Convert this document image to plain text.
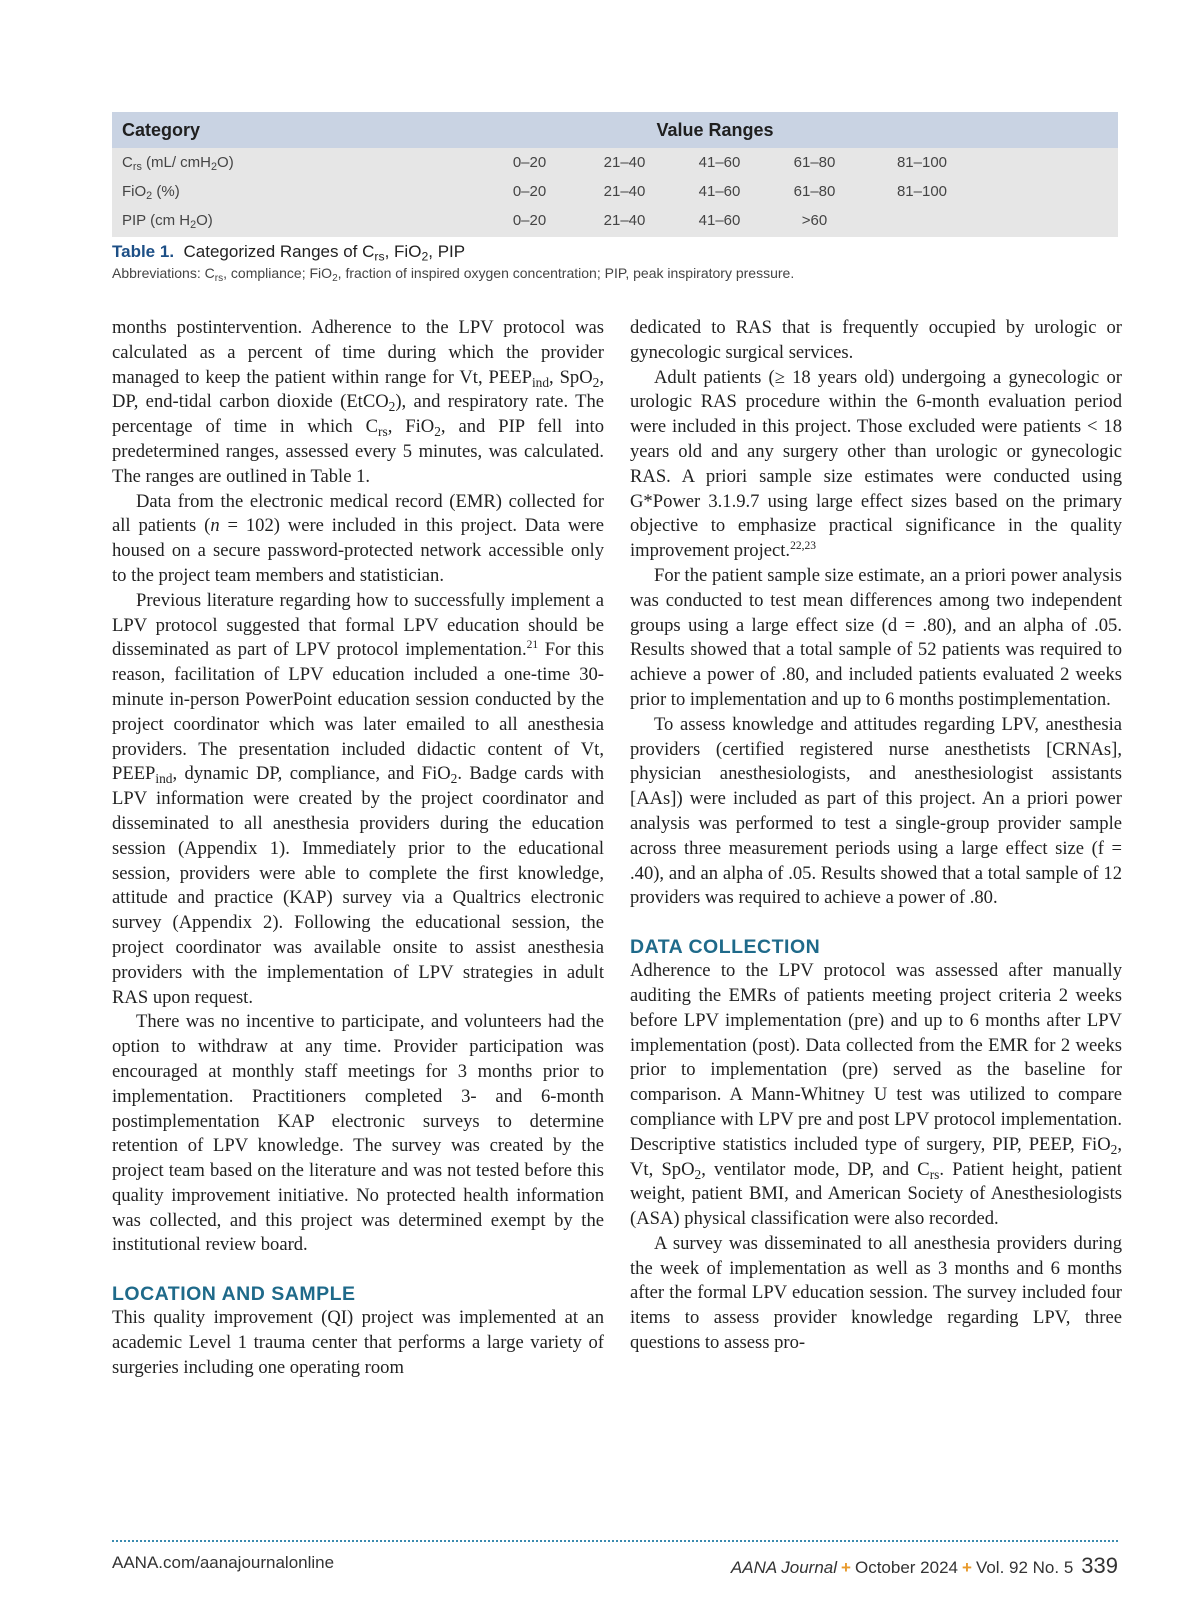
Category	Value Ranges					
$C_{rs}$ (mL/ cmH$_2$O)	0–20	21–40	41–60	61–80	81–100	
FiO$_2$ (%)	0–20	21–40	41–60	61–80	81–100	
PIP (cm $H_2O$)	0–20	21–40	41–60	>60		
Table 1. Categorized Ranges of $C_{rs}$, FiO$_2$, PIP
Abbreviations: $C_{rs}$, compliance; FiO$_2$, fraction of inspired oxygen concentration; PIP, peak inspiratory pressure.

months postintervention. Adherence to the LPV protocol was calculated as a percent of time during which the provider managed to keep the patient within range for Vt, $PEEP_{ind}$, SpO$_2$, DP, end-tidal carbon dioxide (EtCO$_2$), and respiratory rate. The percentage of time in which $C_{rs}$, FiO$_2$, and PIP fell into predetermined ranges, assessed every 5 minutes, was calculated. The ranges are outlined in Table 1.

Data from the electronic medical record (EMR) collected for all patients (n = 102) were included in this project. Data were housed on a secure password-protected network accessible only to the project team members and statistician.

Previous literature regarding how to successfully implement a LPV protocol suggested that formal LPV education should be disseminated as part of LPV protocol implementation.$^{21}$ For this reason, facilitation of LPV education included a one-time 30-minute in-person PowerPoint education session conducted by the project coordinator which was later emailed to all anesthesia providers. The presentation included didactic content of Vt, $PEEP_{ind}$, dynamic DP, compliance, and FiO$_2$. Badge cards with LPV information were created by the project coordinator and disseminated to all anesthesia providers during the education session (Appendix 1). Immediately prior to the educational session, providers were able to complete the first knowledge, attitude and practice (KAP) survey via a Qualtrics electronic survey (Appendix 2). Following the educational session, the project coordinator was available onsite to assist anesthesia providers with the implementation of LPV strategies in adult RAS upon request.

There was no incentive to participate, and volunteers had the option to withdraw at any time. Provider participation was encouraged at monthly staff meetings for 3 months prior to implementation. Practitioners completed 3- and 6-month postimplementation KAP electronic surveys to determine retention of LPV knowledge. The survey was created by the project team based on the literature and was not tested before this quality improvement initiative. No protected health information was collected, and this project was determined exempt by the institutional review board.

LOCATION AND SAMPLE

This quality improvement (QI) project was implemented at an academic Level 1 trauma center that performs a large variety of surgeries including one operating room

dedicated to RAS that is frequently occupied by urologic or gynecologic surgical services.

Adult patients (≥ 18 years old) undergoing a gynecologic or urologic RAS procedure within the 6-month evaluation period were included in this project. Those excluded were patients < 18 years old and any surgery other than urologic or gynecologic RAS. A priori sample size estimates were conducted using G*Power 3.1.9.7 using large effect sizes based on the primary objective to emphasize practical significance in the quality improvement project.$^{22,23}$

For the patient sample size estimate, an a priori power analysis was conducted to test mean differences among two independent groups using a large effect size (d = .80), and an alpha of .05. Results showed that a total sample of 52 patients was required to achieve a power of .80, and included patients evaluated 2 weeks prior to implementation and up to 6 months postimplementation.

To assess knowledge and attitudes regarding LPV, anesthesia providers (certified registered nurse anesthetists [CRNAs], physician anesthesiologists, and anesthesiologist assistants [AAs]) were included as part of this project. An a priori power analysis was performed to test a single-group provider sample across three measurement periods using a large effect size (f = .40), and an alpha of .05. Results showed that a total sample of 12 providers was required to achieve a power of .80.

DATA COLLECTION

Adherence to the LPV protocol was assessed after manually auditing the EMRs of patients meeting project criteria 2 weeks before LPV implementation (pre) and up to 6 months after LPV implementation (post). Data collected from the EMR for 2 weeks prior to implementation (pre) served as the baseline for comparison. A Mann-Whitney U test was utilized to compare compliance with LPV pre and post LPV protocol implementation. Descriptive statistics included type of surgery, PIP, PEEP, FiO$_2$, Vt, SpO$_2$, ventilator mode, DP, and $C_{rs}$. Patient height, patient weight, patient BMI, and American Society of Anesthesiologists (ASA) physical classification were also recorded.

A survey was disseminated to all anesthesia providers during the week of implementation as well as 3 months and 6 months after the formal LPV education session. The survey included four items to assess provider knowledge regarding LPV, three questions to assess pro-

AANA.com/aanajournalonline	AANA Journal + October 2024 + Vol. 92 No. 5 339
